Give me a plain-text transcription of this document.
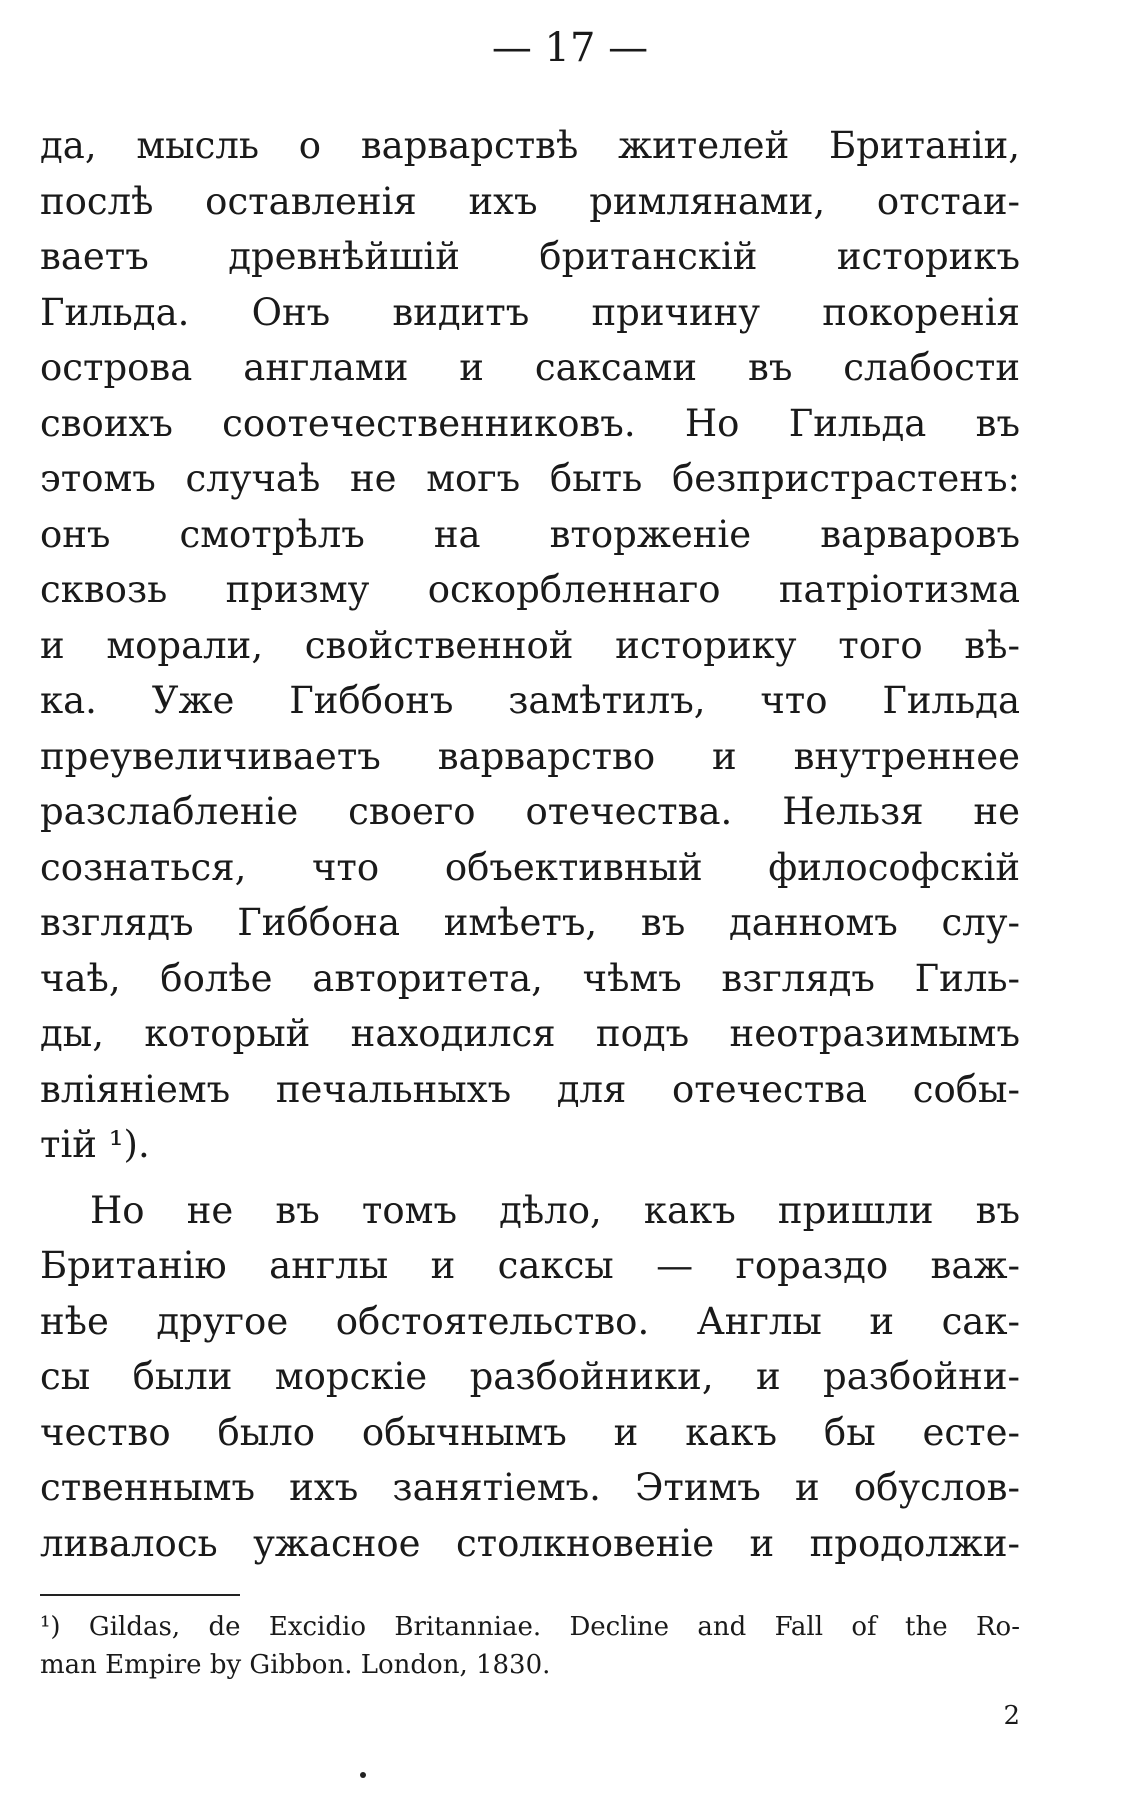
— 17 —
да, мысль о варварствѣ жителей Британіи,
послѣ оставленія ихъ римлянами, отстаи-
ваетъ древнѣйшій британскій историкъ
Гильда. Онъ видитъ причину покоренія
острова англами и саксами въ слабости
своихъ соотечественниковъ. Но Гильда въ
этомъ случаѣ не могъ быть безпристрастенъ:
онъ смотрѣлъ на вторженіе варваровъ
сквозь призму оскорбленнаго патріотизма
и морали, свойственной историку того вѣ-
ка. Уже Гиббонъ замѣтилъ, что Гильда
преувеличиваетъ варварство и внутреннее
разслабленіе своего отечества. Нельзя не
сознаться, что объективный философскій
взглядъ Гиббона имѣетъ, въ данномъ слу-
чаѣ, болѣе авторитета, чѣмъ взглядъ Гиль-
ды, который находился подъ неотразимымъ
вліяніемъ печальныхъ для отечества собы-
тій ¹).
Но не въ томъ дѣло, какъ пришли въ
Британію англы и саксы — гораздо важ-
нѣе другое обстоятельство. Англы и сак-
сы были морскіе разбойники, и разбойни-
чество было обычнымъ и какъ бы есте-
ственнымъ ихъ занятіемъ. Этимъ и обуслов-
ливалось ужасное столкновеніе и продолжи-
¹) Gildas, de Excidio Britanniae. Decline and Fall of the Ro-
man Empire by Gibbon. London, 1830.
2
